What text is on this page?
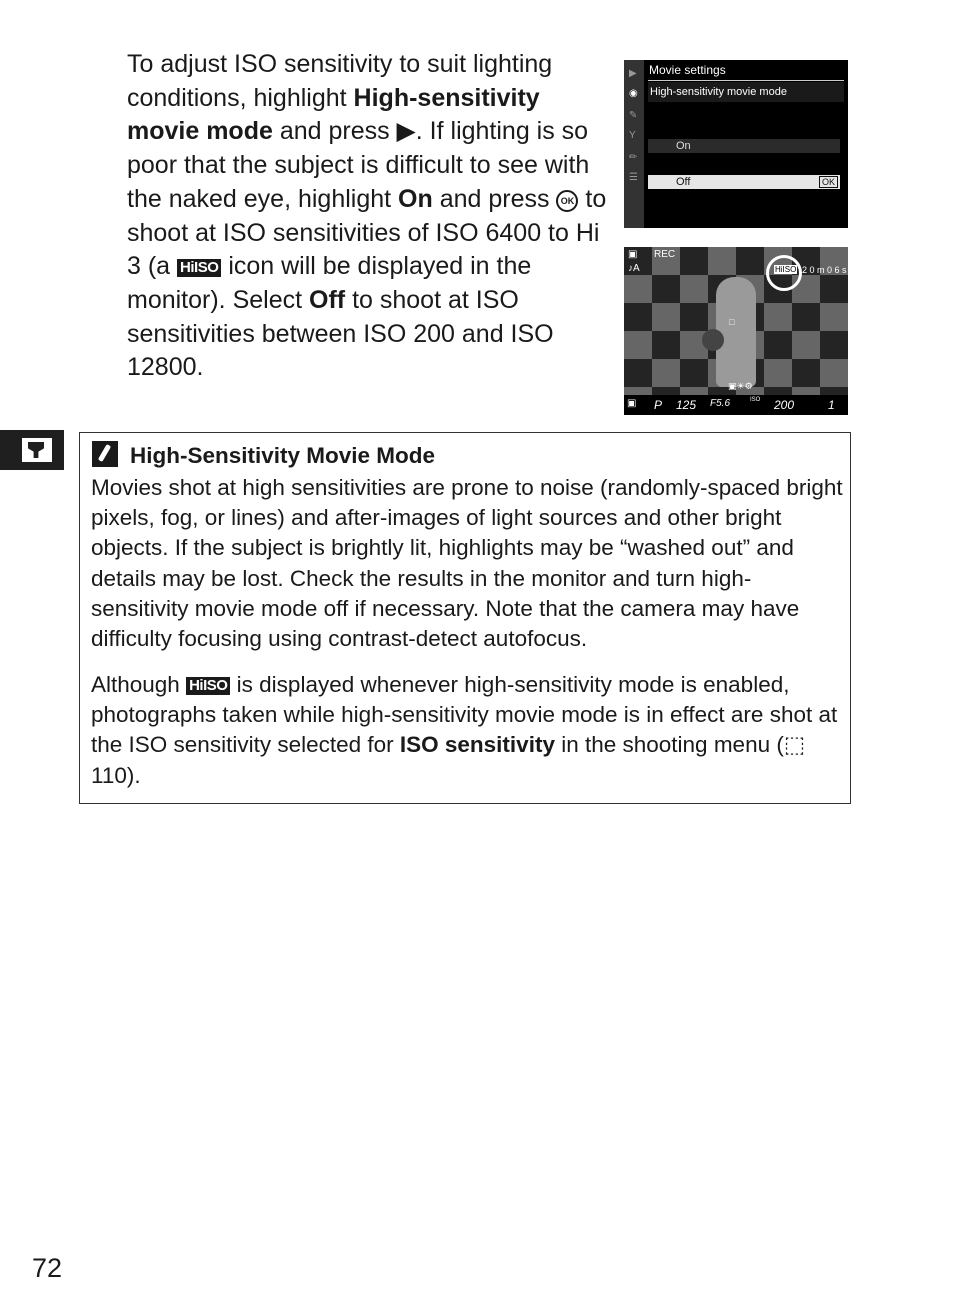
To adjust ISO sensitivity to suit lighting conditions, highlight High-sensitivity movie mode and press ▶. If lighting is so poor that the subject is difficult to see with the naked eye, highlight On and press OK to shoot at ISO sensitivities of ISO 6400 to Hi 3 (a HiISO icon will be displayed in the monitor). Select Off to shoot at ISO sensitivities between ISO 200 and ISO 12800.
▶
◉
✎
Y
✏
☰
Movie settings
High-sensitivity movie mode
On
Off	OK
▣ REC
♪A	HiISO 2 0 m 0 6 s
□
▣☀⚙
▣ P 125 F5.6	ISO 200	1
High-Sensitivity Movie Mode
Movies shot at high sensitivities are prone to noise (randomly-spaced bright pixels, fog, or lines) and after-images of light sources and other bright objects. If the subject is brightly lit, highlights may be “washed out” and details may be lost. Check the results in the monitor and turn high-sensitivity movie mode off if necessary. Note that the camera may have difficulty focusing using contrast-detect autofocus.
Although HiISO is displayed whenever high-sensitivity mode is enabled, photographs taken while high-sensitivity movie mode is in effect are shot at the ISO sensitivity selected for ISO sensitivity in the shooting menu (⬚ 110).
72
